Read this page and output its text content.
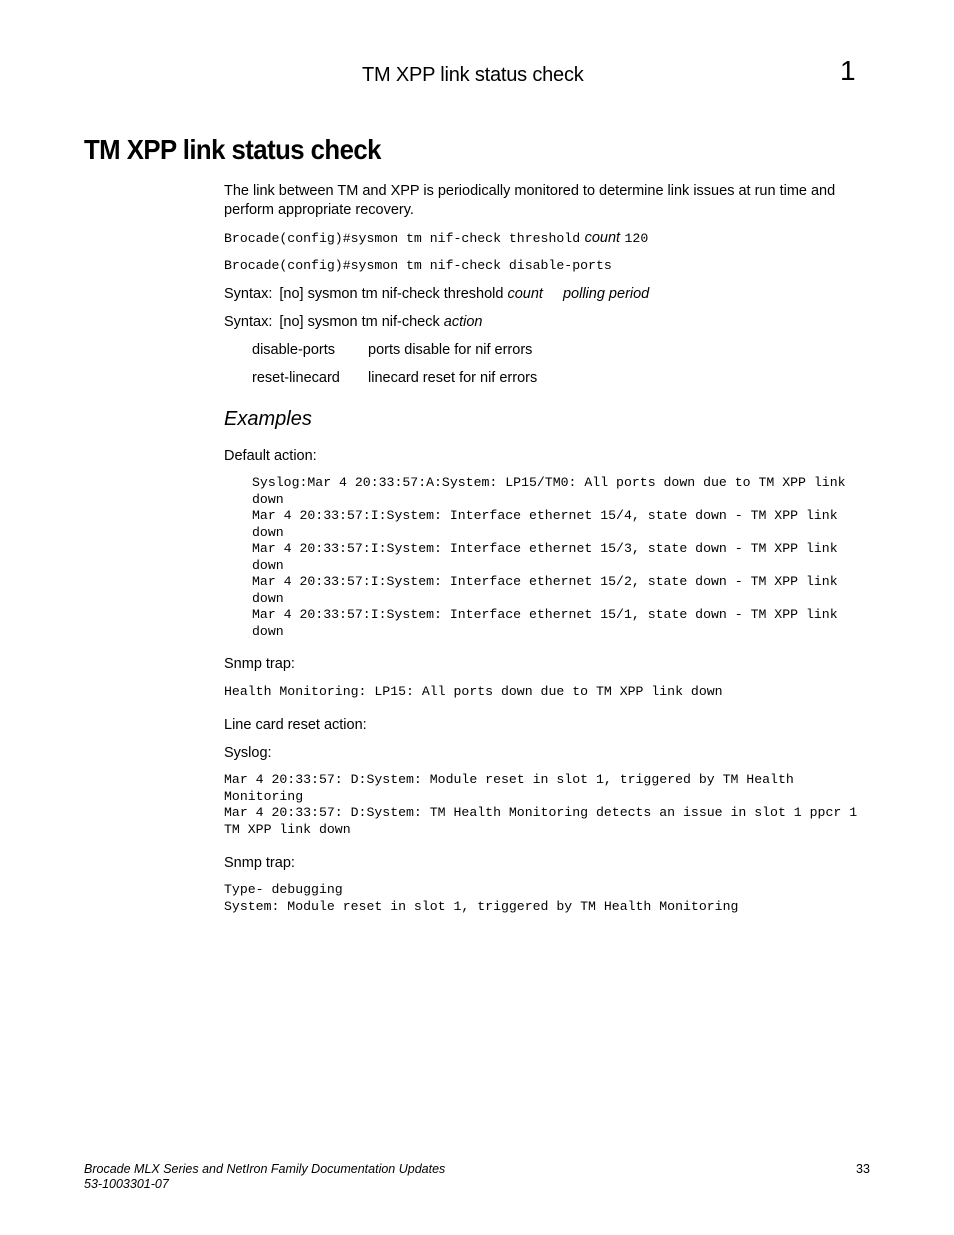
TM XPP link status check	1
TM XPP link status check
The link between TM and XPP is periodically monitored to determine link issues at run time and perform appropriate recovery.
Brocade(config)#sysmon tm nif-check threshold count 120
Brocade(config)#sysmon tm nif-check disable-ports
Syntax: [no] sysmon tm nif-check threshold count polling period
Syntax: [no] sysmon tm nif-check action
disable-ports ports disable for nif errors
reset-linecard linecard reset for nif errors
Examples
Default action:
Syslog:Mar 4 20:33:57:A:System: LP15/TM0: All ports down due to TM XPP link
down
Mar 4 20:33:57:I:System: Interface ethernet 15/4, state down - TM XPP link
down
Mar 4 20:33:57:I:System: Interface ethernet 15/3, state down - TM XPP link
down
Mar 4 20:33:57:I:System: Interface ethernet 15/2, state down - TM XPP link
down
Mar 4 20:33:57:I:System: Interface ethernet 15/1, state down - TM XPP link
down
Snmp trap:
Health Monitoring: LP15: All ports down due to TM XPP link down
Line card reset action:
Syslog:
Mar 4 20:33:57: D:System: Module reset in slot 1, triggered by TM Health
Monitoring
Mar 4 20:33:57: D:System: TM Health Monitoring detects an issue in slot 1 ppcr 1
TM XPP link down
Snmp trap:
Type- debugging
System: Module reset in slot 1, triggered by TM Health Monitoring
Brocade MLX Series and NetIron Family Documentation Updates
53-1003301-07
33
